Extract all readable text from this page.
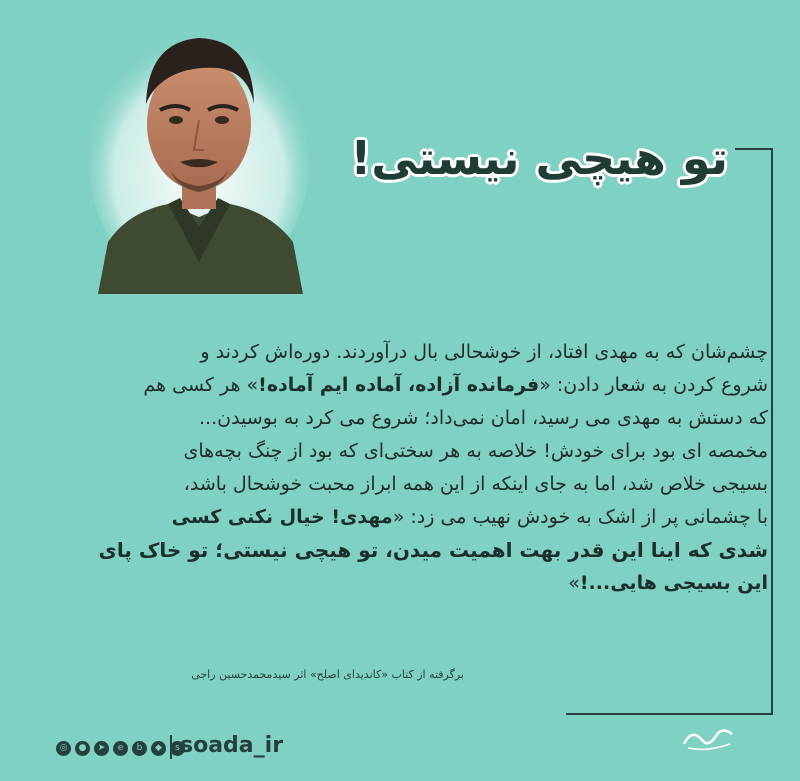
تو هیچی نیستی!
چشم‌شان که به مهدی افتاد، از خوشحالی بال درآوردند. دوره‌اش کردند و
شروع کردن به شعار دادن: «فرمانده آزاده، آماده ایم آماده!» هر کسی هم
که دستش به مهدی می رسید، امان نمی‌داد؛ شروع می کرد به بوسیدن...
مخمصه ای بود برای خودش! خلاصه به هر سختی‌ای که بود از چنگ بچه‌های
بسیجی خلاص شد، اما به جای اینکه از این همه ابراز محبت خوشحال باشد،
با چشمانی پر از اشک به خودش نهیب می زد: «مهدی! خیال نکنی کسی
شدی که اینا این قدر بهت اهمیت میدن، تو هیچی نیستی؛ تو خاک پای
این بسیجی هایی...!»
برگرفته از کتاب «کاندیدای اصلح» اثر سیدمحمدحسین راجی
◎	●	➤	e	b	◆	s soada_ir
